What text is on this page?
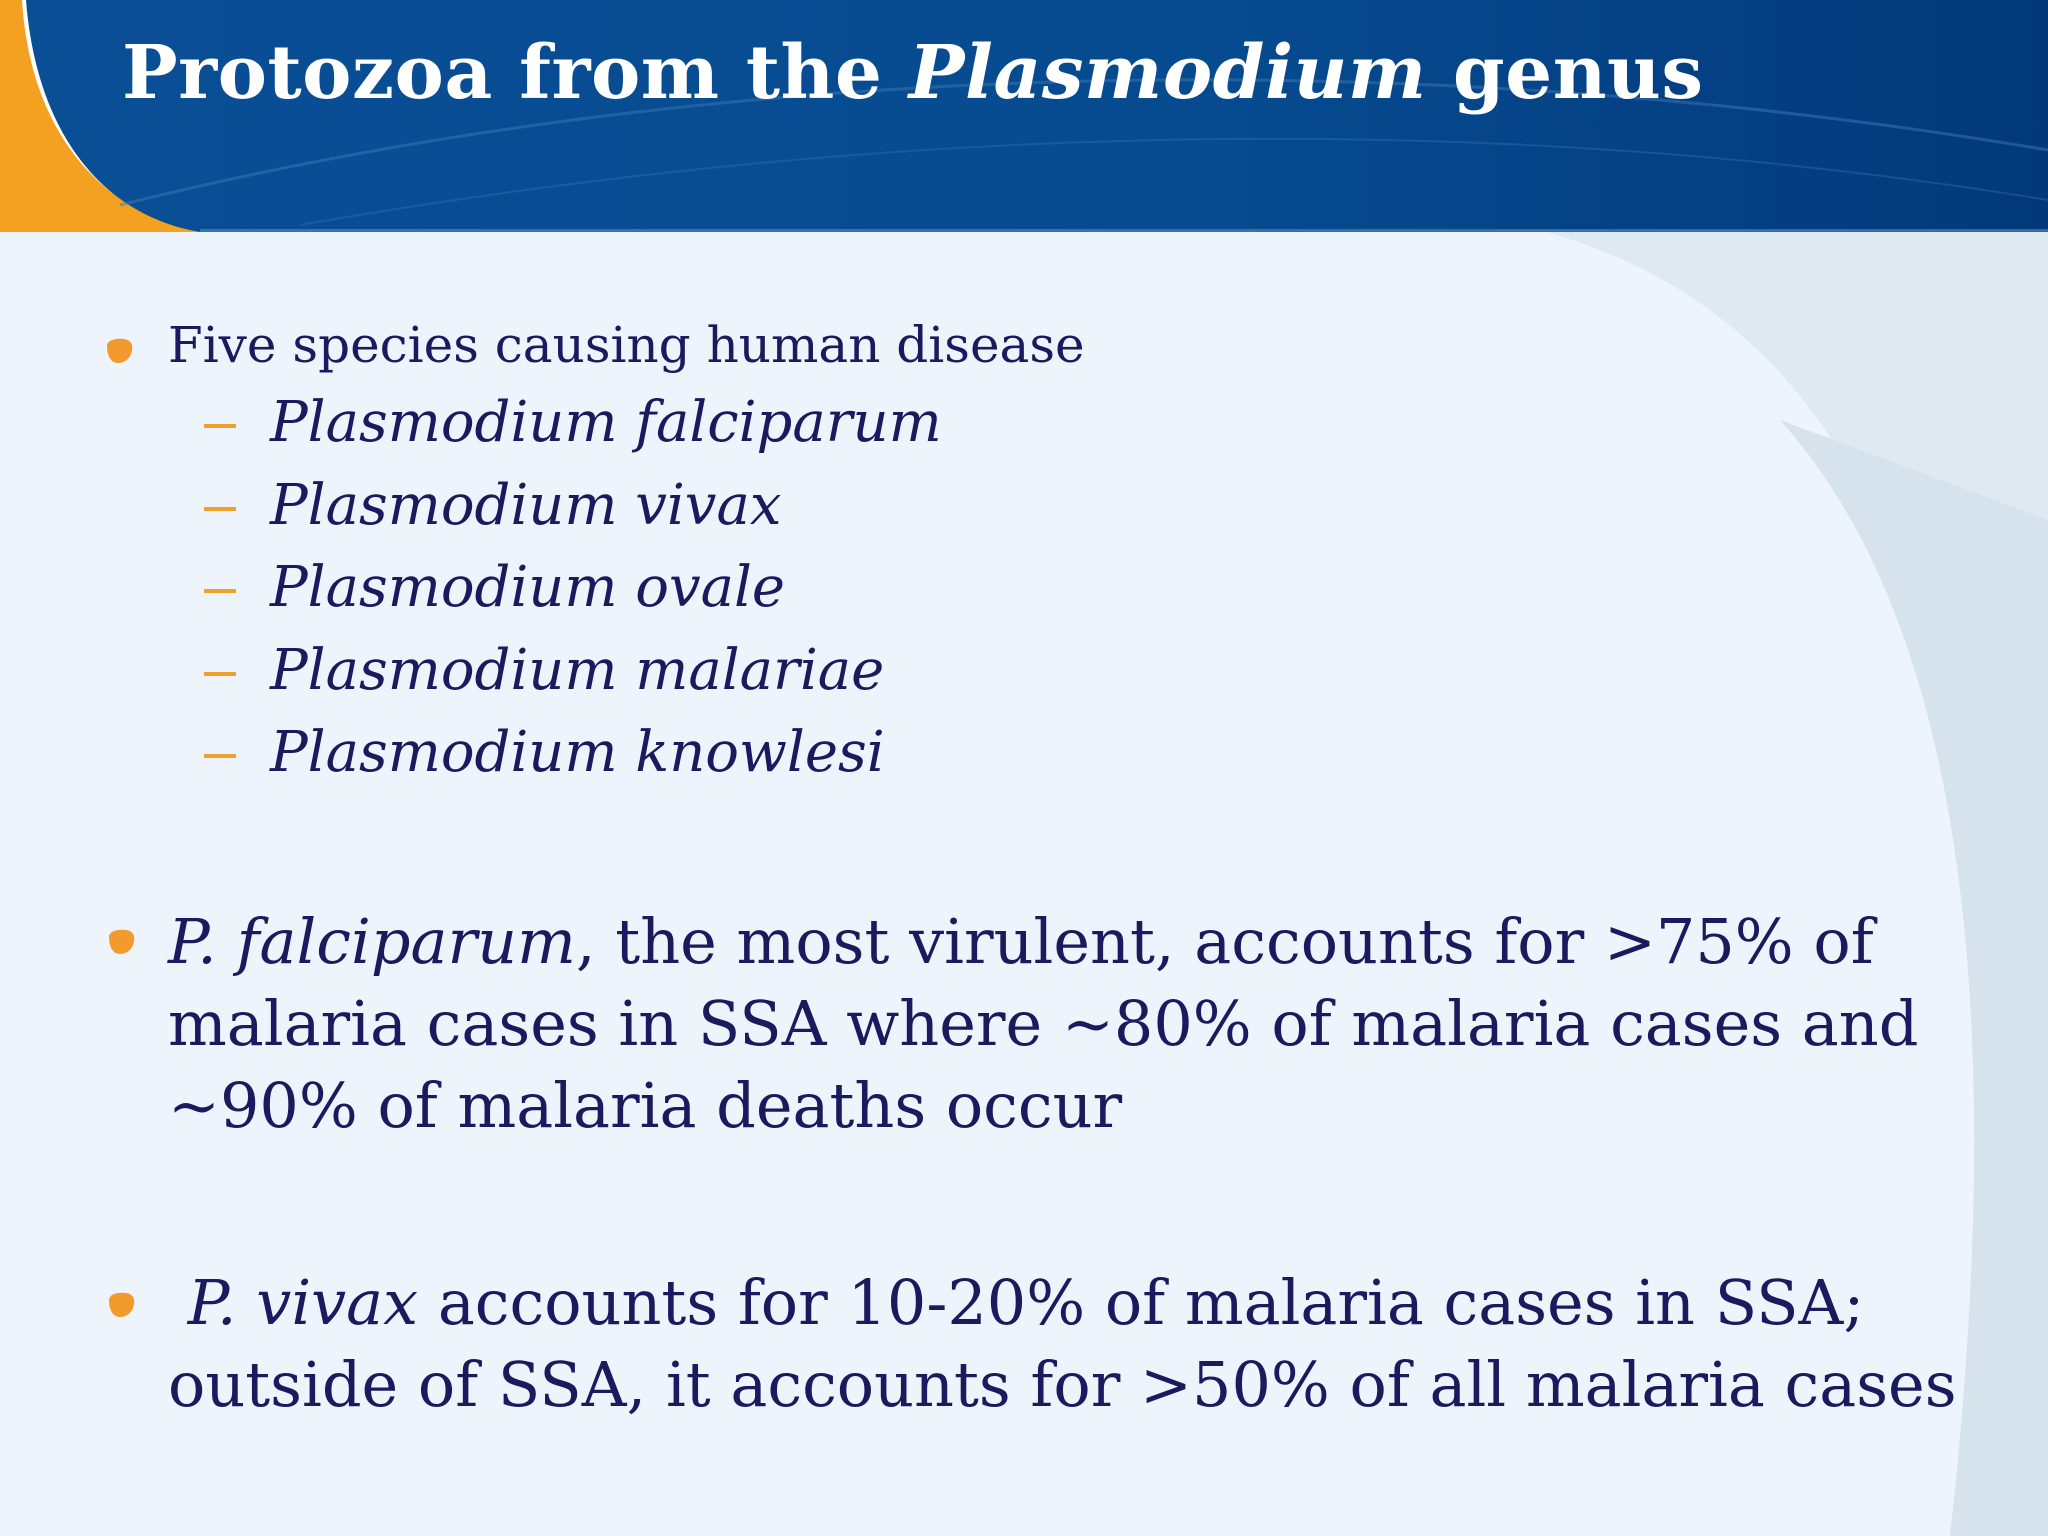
Protozoa from the Plasmodium genus
Five species causing human disease
Plasmodium falciparum
Plasmodium vivax
Plasmodium ovale
Plasmodium malariae
Plasmodium knowlesi
P. falciparum, the most virulent, accounts for >75% of
malaria cases in SSA where ~80% of malaria cases and
~90% of malaria deaths occur
P. vivax accounts for 10-20% of malaria cases in SSA;
outside of SSA, it accounts for >50% of all malaria cases
